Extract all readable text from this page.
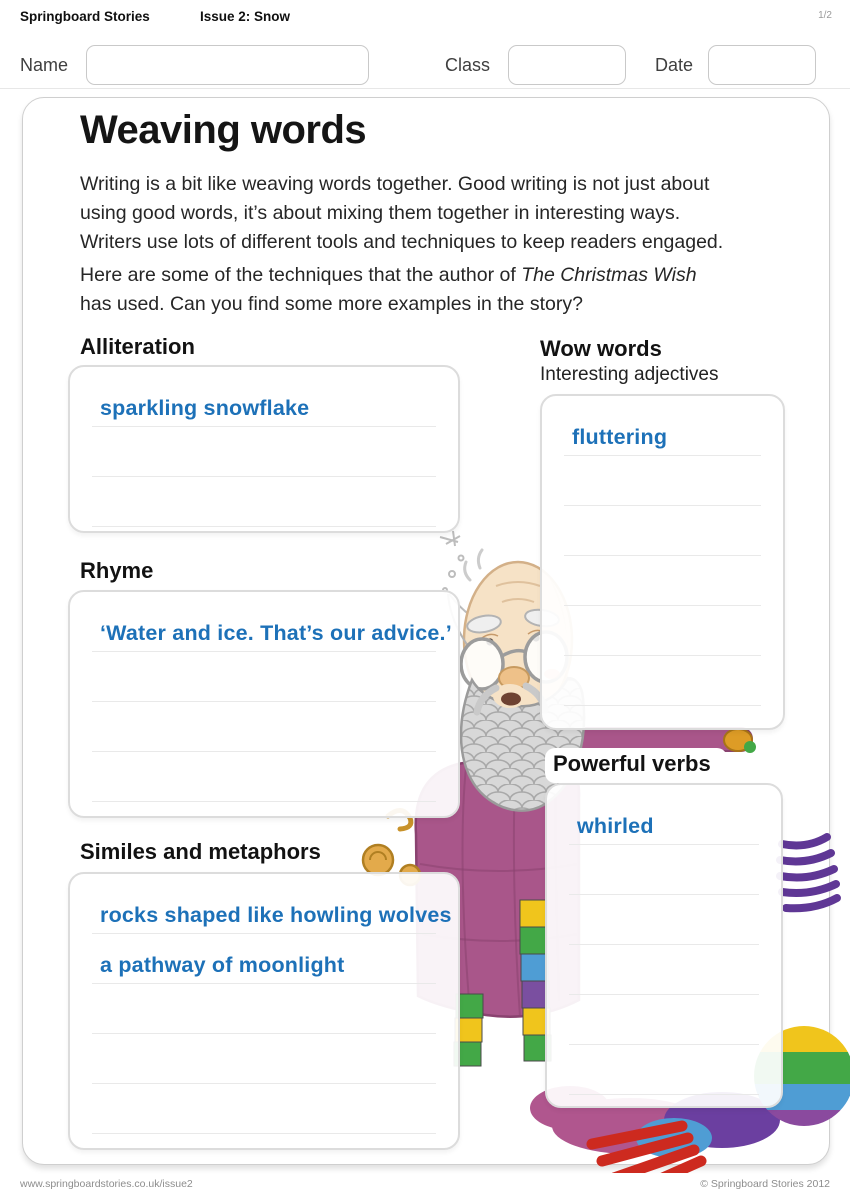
Springboard Stories	Issue 2: Snow	1/2
Name	Class	Date
Weaving words
Writing is a bit like weaving words together. Good writing is not just about
using good words, it’s about mixing them together in interesting ways.
Writers use lots of different tools and techniques to keep readers engaged.
Here are some of the techniques that the author of The Christmas Wish
has used. Can you find some more examples in the story?
Alliteration
Rhyme
Similes and metaphors
Wow words
Interesting adjectives
Powerful verbs
sparkling snowflake
‘Water and ice. That’s our advice.’
rocks shaped like howling wolves
a pathway of moonlight
fluttering
whirled
www.springboardstories.co.uk/issue2	© Springboard Stories 2012
